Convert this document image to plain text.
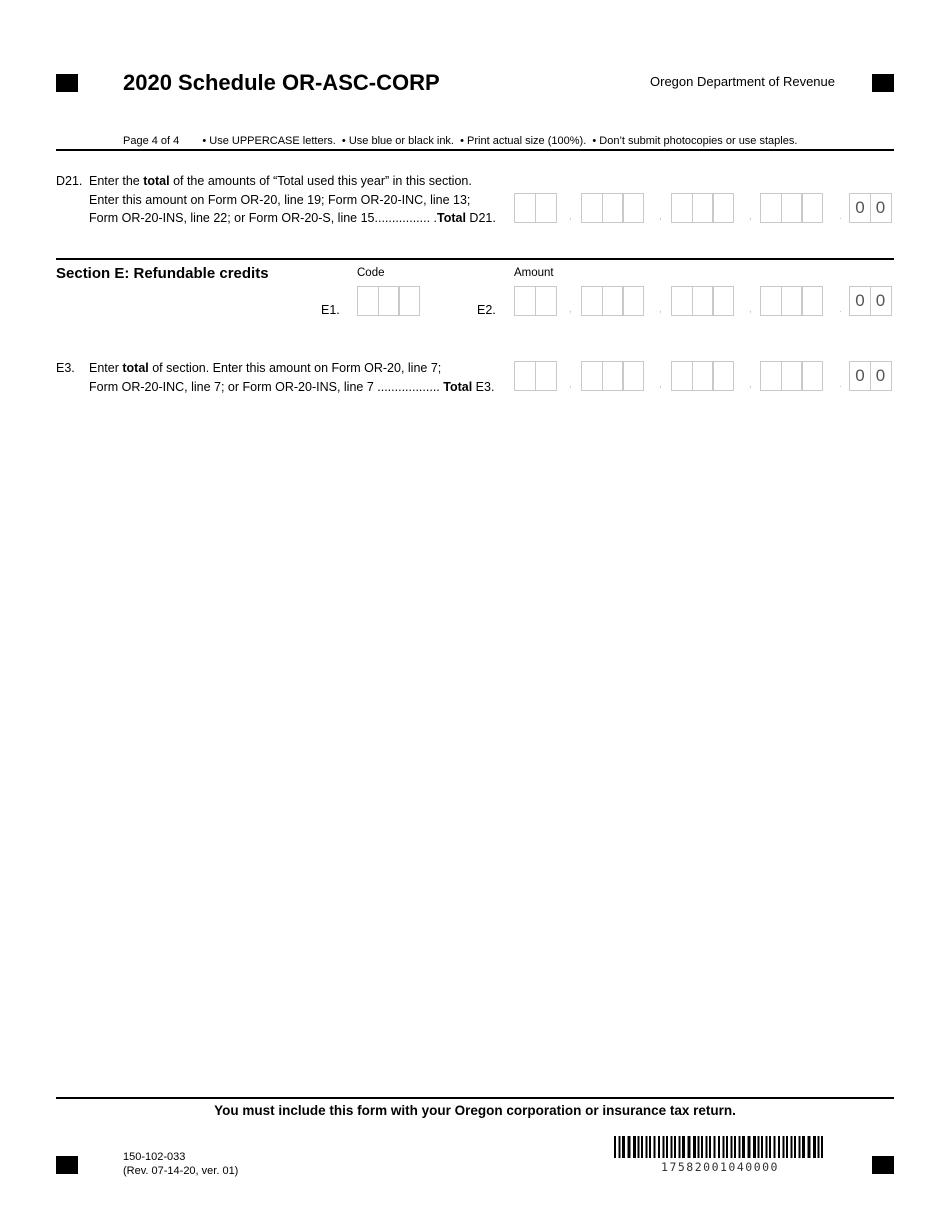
2020 Schedule OR-ASC-CORP	Oregon Department of Revenue
Page 4 of 4 • Use UPPERCASE letters. • Use blue or black ink. • Print actual size (100%). • Don’t submit photocopies or use staples.
D21. Enter the total of the amounts of “Total used this year” in this section.
Enter this amount on Form OR-20, line 19; Form OR-20-INC, line 13;
Form OR-20-INS, line 22; or Form OR-20-S, line 15................ .Total D21.	,	,	,	. 0 0
Section E: Refundable credits	Code	Amount
E1.	E2.	,	,	,	. 0 0
E3. Enter total of section. Enter this amount on Form OR-20, line 7;
Form OR-20-INC, line 7; or Form OR-20-INS, line 7 .................. Total E3.	,	,	,	. 0 0
You must include this form with your Oregon corporation or insurance tax return.
150-102-033
(Rev. 07-14-20, ver. 01)	17582001040000
